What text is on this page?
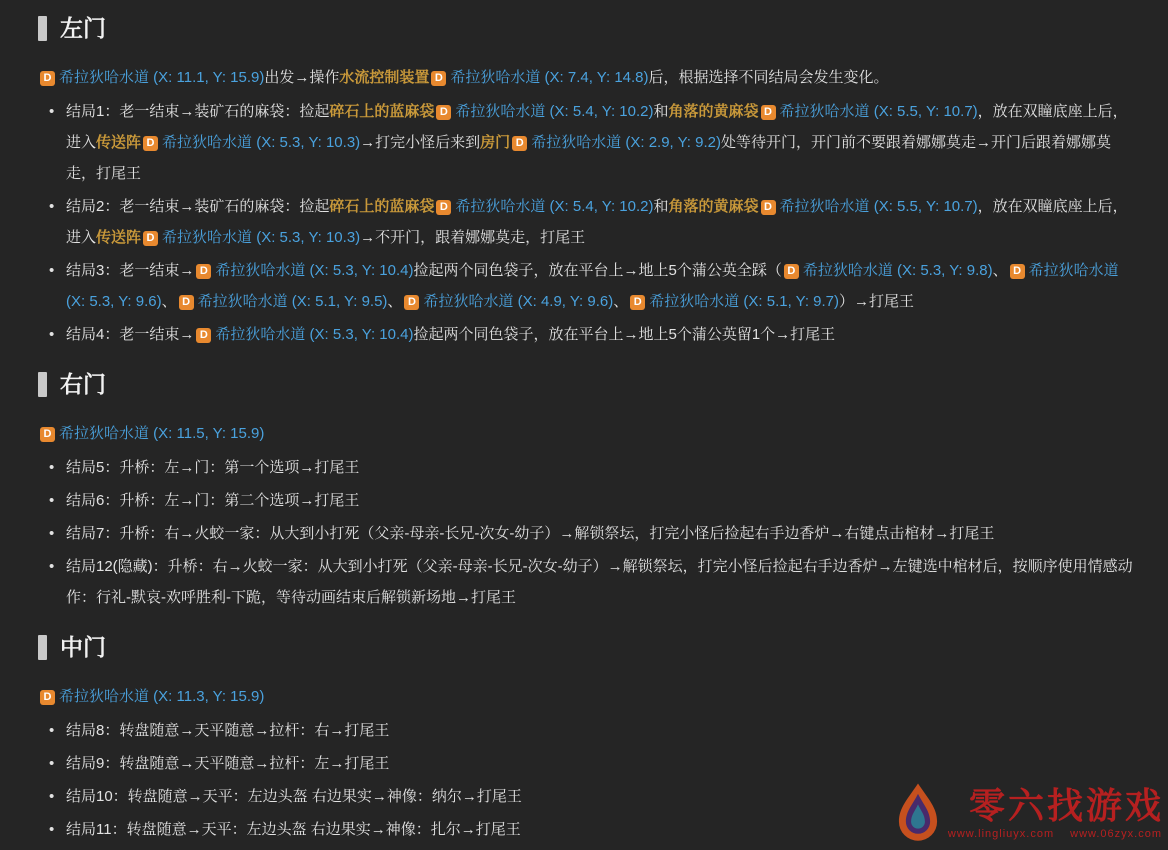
左门
D 希拉狄哈水道 (X: 11.1, Y: 15.9)出发→操作水流控制装置 D 希拉狄哈水道 (X: 7.4, Y: 14.8)后，根据选择不同结局会发生变化。
• 结局1：老一结束→装矿石的麻袋：捡起碎石上的蓝麻袋 D 希拉狄哈水道 (X: 5.4, Y: 10.2)和角落的黄麻袋 D 希拉狄哈水道 (X: 5.5, Y: 10.7)，放在双瞳底座上后，进入传送阵 D 希拉狄哈水道 (X: 5.3, Y: 10.3)→打完小怪后来到房门 D 希拉狄哈水道 (X: 2.9, Y: 9.2)处等待开门，开门前不要跟着娜娜莫走→开门后跟着娜娜莫走，打尾王
• 结局2：老一结束→装矿石的麻袋：捡起碎石上的蓝麻袋 D 希拉狄哈水道 (X: 5.4, Y: 10.2)和角落的黄麻袋 D 希拉狄哈水道 (X: 5.5, Y: 10.7)，放在双瞳底座上后，进入传送阵 D 希拉狄哈水道 (X: 5.3, Y: 10.3)→不开门，跟着娜娜莫走，打尾王
• 结局3：老一结束→ D 希拉狄哈水道 (X: 5.3, Y: 10.4)捡起两个同色袋子，放在平台上→地上5个蒲公英全踩（ D 希拉狄哈水道 (X: 5.3, Y: 9.8)、 D 希拉狄哈水道 (X: 5.3, Y: 9.6)、 D 希拉狄哈水道 (X: 5.1, Y: 9.5)、 D 希拉狄哈水道 (X: 4.9, Y: 9.6)、 D 希拉狄哈水道 (X: 5.1, Y: 9.7)）→打尾王
• 结局4：老一结束→ D 希拉狄哈水道 (X: 5.3, Y: 10.4)捡起两个同色袋子，放在平台上→地上5个蒲公英留1个→打尾王
右门
D 希拉狄哈水道 (X: 11.5, Y: 15.9)
• 结局5：升桥：左→门：第一个选项→打尾王
• 结局6：升桥：左→门：第二个选项→打尾王
• 结局7：升桥：右→火蛟一家：从大到小打死（父亲-母亲-长兄-次女-幼子）→解锁祭坛，打完小怪后捡起右手边香炉→右键点击棺材→打尾王
• 结局12(隐藏)：升桥：右→火蛟一家：从大到小打死（父亲-母亲-长兄-次女-幼子）→解锁祭坛，打完小怪后捡起右手边香炉→左键选中棺材后，按顺序使用情感动作：行礼-默哀-欢呼胜利-下跪，等待动画结束后解锁新场地→打尾王
中门
D 希拉狄哈水道 (X: 11.3, Y: 15.9)
• 结局8：转盘随意→天平随意→拉杆：右→打尾王
• 结局9：转盘随意→天平随意→拉杆：左→打尾王
• 结局10：转盘随意→天平：左边头盔 右边果实→神像：纳尔→打尾王
• 结局11：转盘随意→天平：左边头盔 右边果实→神像：扎尔→打尾王
零六找游戏
www.lingliuyx.com www.06zyx.com
